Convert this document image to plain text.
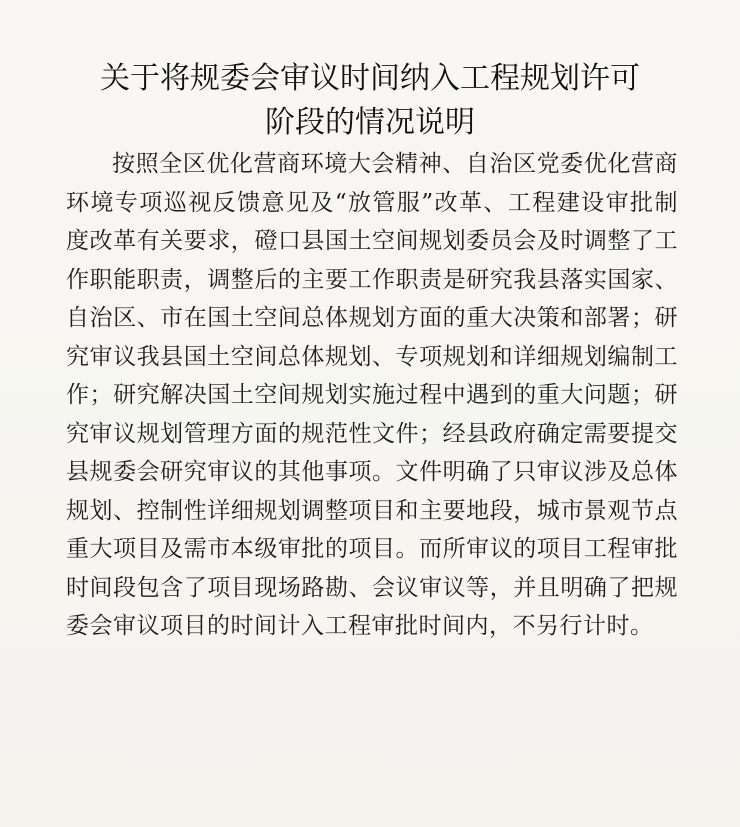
关于将规委会审议时间纳入工程规划许可
阶段的情况说明

按照全区优化营商环境大会精神、自治区党委优化营商环境专项巡视反馈意见及“放管服”改革、工程建设审批制度改革有关要求，磴口县国土空间规划委员会及时调整了工作职能职责，调整后的主要工作职责是研究我县落实国家、自治区、市在国土空间总体规划方面的重大决策和部署；研究审议我县国土空间总体规划、专项规划和详细规划编制工作；研究解决国土空间规划实施过程中遇到的重大问题；研究审议规划管理方面的规范性文件；经县政府确定需要提交县规委会研究审议的其他事项。文件明确了只审议涉及总体规划、控制性详细规划调整项目和主要地段，城市景观节点重大项目及需市本级审批的项目。而所审议的项目工程审批时间段包含了项目现场路勘、会议审议等，并且明确了把规委会审议项目的时间计入工程审批时间内，不另行计时。
